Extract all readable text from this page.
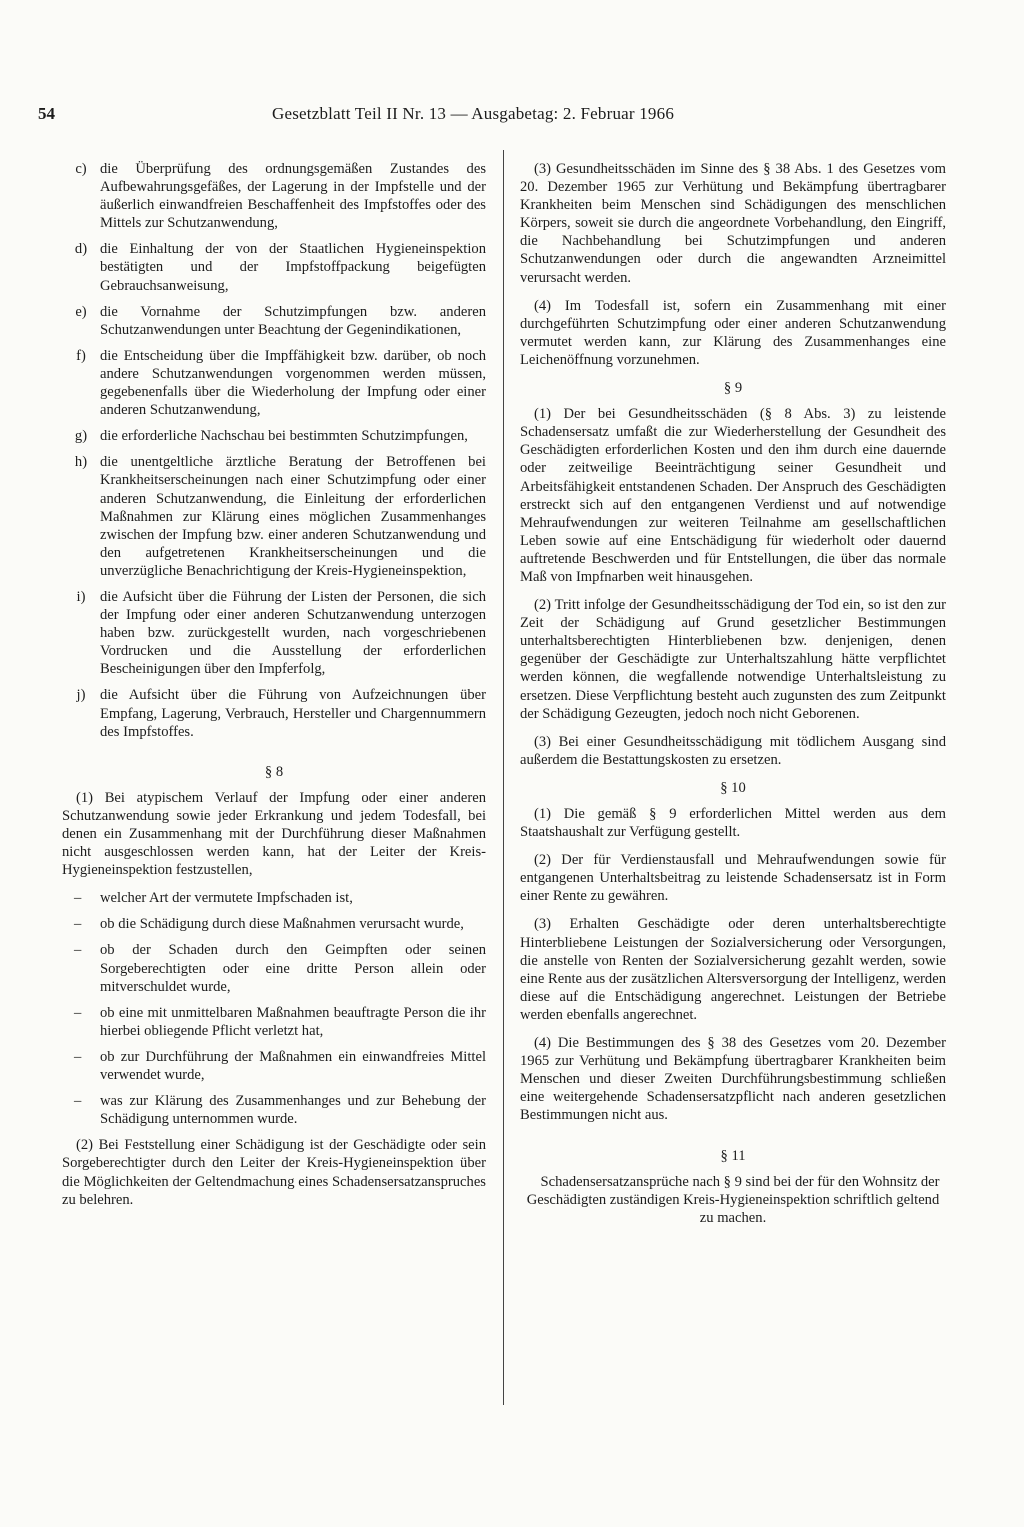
54	Gesetzblatt Teil II Nr. 13 — Ausgabetag: 2. Februar 1966
c) die Überprüfung des ordnungsgemäßen Zustandes des Aufbewahrungsgefäßes, der Lagerung in der Impfstelle und der äußerlich einwandfreien Beschaffenheit des Impfstoffes oder des Mittels zur Schutzanwendung,
d) die Einhaltung der von der Staatlichen Hygieneinspektion bestätigten und der Impfstoffpackung beigefügten Gebrauchsanweisung,
e) die Vornahme der Schutzimpfungen bzw. anderen Schutzanwendungen unter Beachtung der Gegenindikationen,
f) die Entscheidung über die Impffähigkeit bzw. darüber, ob noch andere Schutzanwendungen vorgenommen werden müssen, gegebenenfalls über die Wiederholung der Impfung oder einer anderen Schutzanwendung,
g) die erforderliche Nachschau bei bestimmten Schutzimpfungen,
h) die unentgeltliche ärztliche Beratung der Betroffenen bei Krankheitserscheinungen nach einer Schutzimpfung oder einer anderen Schutzanwendung, die Einleitung der erforderlichen Maßnahmen zur Klärung eines möglichen Zusammenhanges zwischen der Impfung bzw. einer anderen Schutzanwendung und den aufgetretenen Krankheitserscheinungen und die unverzügliche Benachrichtigung der Kreis-Hygieneinspektion,
i) die Aufsicht über die Führung der Listen der Personen, die sich der Impfung oder einer anderen Schutzanwendung unterzogen haben bzw. zurückgestellt wurden, nach vorgeschriebenen Vordrucken und die Ausstellung der erforderlichen Bescheinigungen über den Impferfolg,
j) die Aufsicht über die Führung von Aufzeichnungen über Empfang, Lagerung, Verbrauch, Hersteller und Chargennummern des Impfstoffes.
§ 8

(1) Bei atypischem Verlauf der Impfung oder einer anderen Schutzanwendung sowie jeder Erkrankung und jedem Todesfall, bei denen ein Zusammenhang mit der Durchführung dieser Maßnahmen nicht ausgeschlossen werden kann, hat der Leiter der Kreis-Hygieneinspektion festzustellen,

– welcher Art der vermutete Impfschaden ist,
– ob die Schädigung durch diese Maßnahmen verursacht wurde,
– ob der Schaden durch den Geimpften oder seinen Sorgeberechtigten oder eine dritte Person allein oder mitverschuldet wurde,
– ob eine mit unmittelbaren Maßnahmen beauftragte Person die ihr hierbei obliegende Pflicht verletzt hat,
– ob zur Durchführung der Maßnahmen ein einwandfreies Mittel verwendet wurde,
– was zur Klärung des Zusammenhanges und zur Behebung der Schädigung unternommen wurde.

(2) Bei Feststellung einer Schädigung ist der Geschädigte oder sein Sorgeberechtigter durch den Leiter der Kreis-Hygieneinspektion über die Möglichkeiten der Geltendmachung eines Schadensersatzanspruches zu belehren.

(3) Gesundheitsschäden im Sinne des § 38 Abs. 1 des Gesetzes vom 20. Dezember 1965 zur Verhütung und Bekämpfung übertragbarer Krankheiten beim Menschen sind Schädigungen des menschlichen Körpers, soweit sie durch die angeordnete Vorbehandlung, den Eingriff, die Nachbehandlung bei Schutzimpfungen und anderen Schutzanwendungen oder durch die angewandten Arzneimittel verursacht werden.

(4) Im Todesfall ist, sofern ein Zusammenhang mit einer durchgeführten Schutzimpfung oder einer anderen Schutzanwendung vermutet werden kann, zur Klärung des Zusammenhanges eine Leichenöffnung vorzunehmen.

§ 9

(1) Der bei Gesundheitsschäden (§ 8 Abs. 3) zu leistende Schadensersatz umfaßt die zur Wiederherstellung der Gesundheit des Geschädigten erforderlichen Kosten und den ihm durch eine dauernde oder zeitweilige Beeinträchtigung seiner Gesundheit und Arbeitsfähigkeit entstandenen Schaden. Der Anspruch des Geschädigten erstreckt sich auf den entgangenen Verdienst und auf notwendige Mehraufwendungen zur weiteren Teilnahme am gesellschaftlichen Leben sowie auf eine Entschädigung für wiederholt oder dauernd auftretende Beschwerden und für Entstellungen, die über das normale Maß von Impfnarben weit hinausgehen.

(2) Tritt infolge der Gesundheitsschädigung der Tod ein, so ist den zur Zeit der Schädigung auf Grund gesetzlicher Bestimmungen unterhaltsberechtigten Hinterbliebenen bzw. denjenigen, denen gegenüber der Geschädigte zur Unterhaltszahlung hätte verpflichtet werden können, die wegfallende notwendige Unterhaltsleistung zu ersetzen. Diese Verpflichtung besteht auch zugunsten des zum Zeitpunkt der Schädigung Gezeugten, jedoch noch nicht Geborenen.

(3) Bei einer Gesundheitsschädigung mit tödlichem Ausgang sind außerdem die Bestattungskosten zu ersetzen.

§ 10

(1) Die gemäß § 9 erforderlichen Mittel werden aus dem Staatshaushalt zur Verfügung gestellt.

(2) Der für Verdienstausfall und Mehraufwendungen sowie für entgangenen Unterhaltsbeitrag zu leistende Schadensersatz ist in Form einer Rente zu gewähren.

(3) Erhalten Geschädigte oder deren unterhaltsberechtigte Hinterbliebene Leistungen der Sozialversicherung oder Versorgungen, die anstelle von Renten der Sozialversicherung gezahlt werden, sowie eine Rente aus der zusätzlichen Altersversorgung der Intelligenz, werden diese auf die Entschädigung angerechnet. Leistungen der Betriebe werden ebenfalls angerechnet.

(4) Die Bestimmungen des § 38 des Gesetzes vom 20. Dezember 1965 zur Verhütung und Bekämpfung übertragbarer Krankheiten beim Menschen und dieser Zweiten Durchführungsbestimmung schließen eine weitergehende Schadensersatzpflicht nach anderen gesetzlichen Bestimmungen nicht aus.

§ 11

Schadensersatzansprüche nach § 9 sind bei der für den Wohnsitz der Geschädigten zuständigen Kreis-Hygieneinspektion schriftlich geltend zu machen.
